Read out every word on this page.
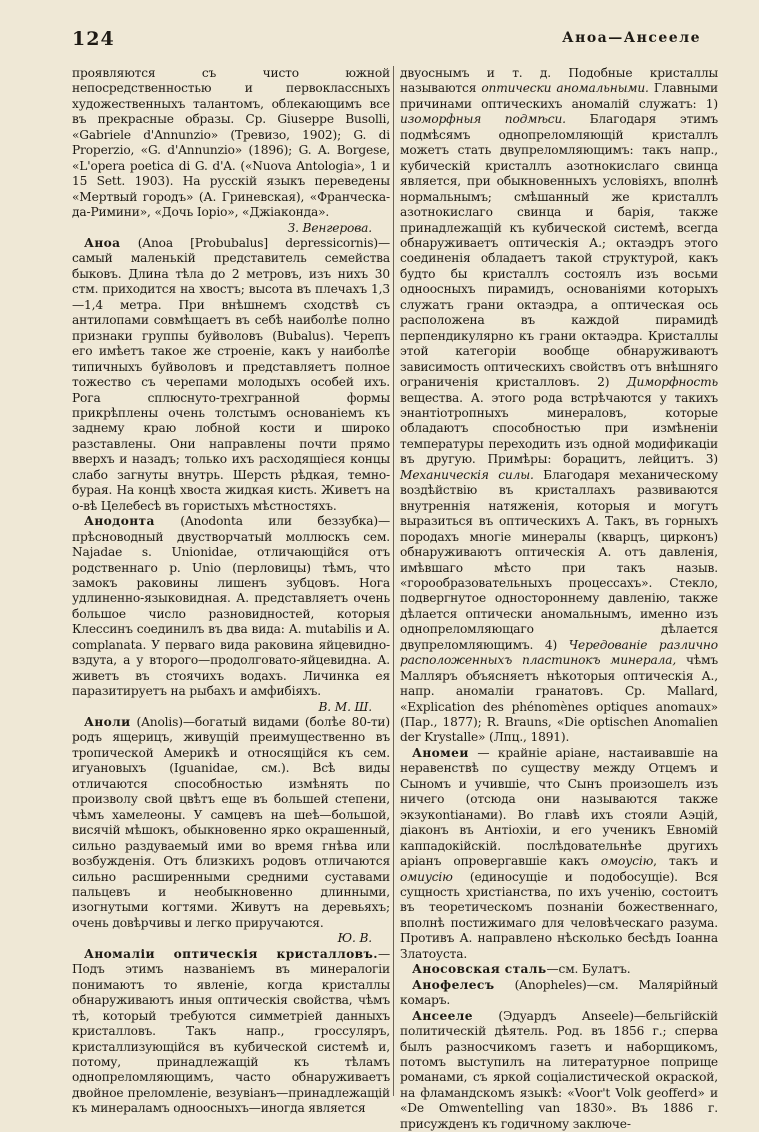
124	Анoa—Ансееле

проявляются съ чисто южной непосредственностью и первоклассныхъ художественныхъ талантомъ, облекающимъ все въ прекрасные образы. Ср. Giuseppe Busolli, «Gabriele d'Annunzio» (Тревизо, 1902); G. di Properzio, «G. d'Annunzio» (1896); G. A. Borgese, «L'opera poetica di G. d'A. («Nuova Antologia», 1 и 15 Sett. 1903). На русскій языкъ переведены «Мертвый городъ» (А. Гриневская), «Франческа-да-Римини», «Дочь Іорiо», «Джіаконда».
З. Венгерова.

Аноа (Anoa [Probubalus] depressicornis)—самый маленькій представитель семейства быковъ. Длина тѣла до 2 метровъ, изъ нихъ 30 стм. приходится на хвостъ; высота въ плечахъ 1,3—1,4 метра. При внѣшнемъ сходствѣ съ антилопами совмѣщаетъ въ себѣ наиболѣе полно признаки группы буйволовъ (Bubalus). Черепъ его имѣетъ такое же строеніе, какъ у наиболѣе типичныхъ буйволовъ и представляетъ полное тожество съ черепами молодыхъ особей ихъ. Рога сплюснуто-трехгранной формы прикрѣплены очень толстымъ основаніемъ къ заднему краю лобной кости и широко разставлены. Они направлены почти прямо вверхъ и назадъ; только ихъ расходящіеся концы слабо загнуты внутрь. Шерсть рѣдкая, темно-бурая. На концѣ хвоста жидкая кисть. Живетъ на о-вѣ Целебесѣ въ гористыхъ мѣстностяхъ.

Анодонта (Anodonta или беззубка)—прѣсноводный двустворчатый моллюскъ сем. Najadae s. Unionidae, отличающійся отъ родственнаго р. Unio (перловицы) тѣмъ, что замокъ раковины лишенъ зубцовъ. Нога удлиненно-языковидная. А. представляетъ очень большое число разновидностей, которыя Клессинъ соединилъ въ два вида: А. mutabilis и А. complanata. У перваго вида раковина яйцевидно-вздута, а у второго—продолговато-яйцевидна. А. живетъ въ стоячихъ водахъ. Личинка ея паразитируетъ на рыбахъ и амфибіяхъ.
В. М. Ш.

Аноли (Anolis)—богатый видами (болѣе 80-ти) родъ ящерицъ, живущій преимущественно въ тропической Америкѣ и относящійся къ сем. игуановыхъ (Iguanidae, см.). Всѣ виды отличаются способностью измѣнять по произволу свой цвѣтъ еще въ большей степени, чѣмъ хамелеоны. У самцевъ на шеѣ—большой, висячій мѣшокъ, обыкновенно ярко окрашенный, сильно раздуваемый ими во время гнѣва или возбужденія. Отъ близкихъ родовъ отличаются сильно расширенными средними суставами пальцевъ и необыкновенно длинными, изогнутыми когтями. Живутъ на деревьяхъ; очень довѣрчивы и легко приручаются.
Ю. В.

Аномаліи оптическія кристалловъ.—Подъ этимъ названіемъ въ минералогіи понимаютъ то явленіе, когда кристаллы обнаруживаютъ иныя оптическія свойства, чѣмъ тѣ, который требуются симметріей данныхъ кристалловъ. Такъ напр., гроссуляръ, кристаллизующійся въ кубической системѣ и, потому, принадлежащій къ тѣламъ однопреломляющимъ, часто обнаруживаетъ двойное преломленіе, везувіанъ—принадлежащій къ минераламъ одноосныхъ—иногда является

двуоснымъ и т. д. Подобные кристаллы называются оптически аномальными. Главными причинами оптическихъ аномалій служатъ: 1) изоморфныя подмѣси. Благодаря этимъ подмѣсямъ однопреломляющій кристаллъ можетъ стать двупреломляющимъ: такъ напр., кубическій кристаллъ азотнокислаго свинца является, при обыкновенныхъ условіяхъ, вполнѣ нормальнымъ; смѣшанный же кристаллъ азотнокислаго свинца и барія, также принадлежащій къ кубической системѣ, всегда обнаруживаетъ оптическія А.; октаэдръ этого соединенія обладаетъ такой структурой, какъ будто бы кристаллъ состоялъ изъ восьми одноосныхъ пирамидъ, основаніями которыхъ служатъ грани октаэдра, а оптическая ось расположена въ каждой пирамидѣ перпендикулярно къ грани октаэдра. Кристаллы этой категоріи вообще обнаруживаютъ зависимость оптическихъ свойствъ отъ внѣшняго ограниченія кристалловъ. 2) Диморфность вещества. А. этого рода встрѣчаются у такихъ энантіотропныхъ минераловъ, которые обладаютъ способностью при измѣненіи температуры переходить изъ одной модификаціи въ другую. Примѣры: борацитъ, лейцитъ. 3) Механическія силы. Благодаря механическому воздѣйствію въ кристаллахъ развиваются внутреннія натяженія, которыя и могутъ выразиться въ оптическихъ А. Такъ, въ горныхъ породахъ многіе минералы (кварцъ, цирконъ) обнаруживаютъ оптическія А. отъ давленія, имѣвшаго мѣсто при такъ назыв. «горообразовательныхъ процессахъ». Стекло, подвергнутое одностороннему давленію, также дѣлается оптически аномальнымъ, именно изъ однопреломляющаго дѣлается двупреломляющимъ. 4) Чередованіе различно расположенныхъ пластинокъ минерала, чѣмъ Малляръ объясняетъ нѣкоторыя оптическія А., напр. аномаліи гранатовъ. Ср. Mallard, «Explication des phénomènes optiques anomaux» (Пар., 1877); R. Brauns, «Die optischen Anomalien der Krystalle» (Лпц., 1891).

Аномеи — крайніе аріане, настаивавшіе на неравенствѣ по существу между Отцемъ и Сыномъ и учившіе, что Сынъ произошелъ изъ ничего (отсюда они называются также экзукontiанами). Во главѣ ихъ стояли Аэцій, діаконъ въ Антіохіи, и его ученикъ Евномій каппадокійскій. послѣдовательнѣе другихъ аріанъ опровергавшіе какъ омоусію, такъ и омиусію (единосущіе и подобосущіе). Вся сущность христіанства, по ихъ ученію, состоитъ въ теоретическомъ познаніи божественнаго, вполнѣ постижимаго для человѣческаго разума. Противъ А. направлено нѣсколько бесѣдъ Іоанна Златоуста.

Аносовская сталь—см. Булатъ.

Анофелесъ (Anopheles)—см. Малярійный комаръ.

Ансееле (Эдуардъ Anseele)—бельгійскій политическій дѣятель. Род. въ 1856 г.; сперва былъ разносчикомъ газетъ и наборщикомъ, потомъ выступилъ на литературное поприще романами, съ яркой соціалистической окраской, на фламандскомъ языкѣ: «Voor't Volk geofferd» и «De Omwentelling van 1830». Въ 1886 г. присужденъ къ годичному заключе-
